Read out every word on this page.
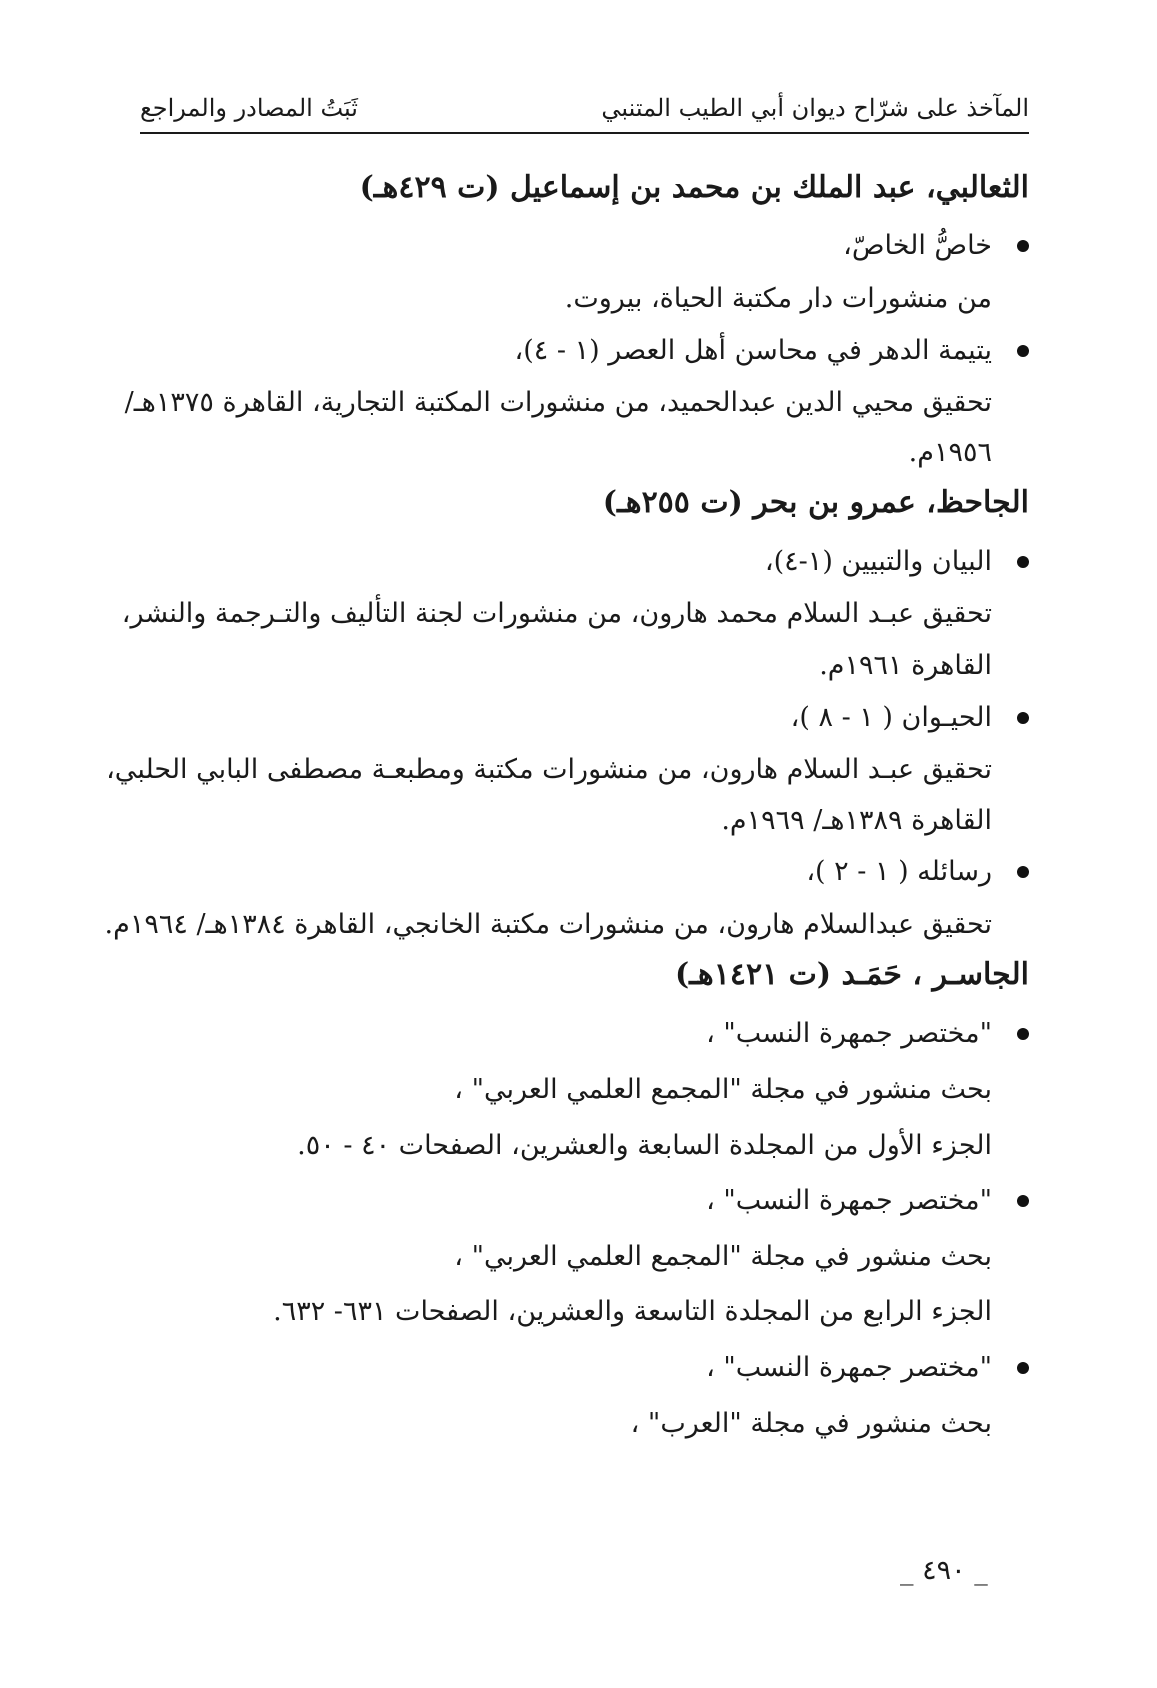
المآخذ على شرّاح ديوان أبي الطيب المتنبي
ثَبَتُ المصادر والمراجع
الثعالبي، عبد الملك بن محمد بن إسماعيل (ت ٤٢٩هـ)
خاصُّ الخاصّ،
من منشورات دار مكتبة الحياة، بيروت.
يتيمة الدهر في محاسن أهل العصر (١ - ٤)،
تحقيق محيي الدين عبدالحميد، من منشورات المكتبة التجارية، القاهرة ١٣٧٥هـ/
١٩٥٦م.
الجاحظ، عمرو بن بحر (ت ٢٥٥هـ)
البيان والتبيين (١-٤)،
تحقيق عبـد السلام محمد هارون، من منشورات لجنة التأليف والتـرجمة والنشر،
القاهرة ١٩٦١م.
الحيـوان ( ١ - ٨ )،
تحقيق عبـد السلام هارون، من منشورات مكتبة ومطبعـة مصطفى البابي الحلبي،
القاهرة ١٣٨٩هـ/ ١٩٦٩م.
رسائله ( ١ - ٢ )،
تحقيق عبدالسلام هارون، من منشورات مكتبة الخانجي، القاهرة ١٣٨٤هـ/ ١٩٦٤م.
الجاسـر ، حَمَـد (ت ١٤٢١هـ)
"مختصر جمهرة النسب" ،
بحث منشور في مجلة "المجمع العلمي العربي" ،
الجزء الأول من المجلدة السابعة والعشرين، الصفحات ٤٠ - ٥٠.
"مختصر جمهرة النسب" ،
بحث منشور في مجلة "المجمع العلمي العربي" ،
الجزء الرابع من المجلدة التاسعة والعشرين، الصفحات ٦٣١- ٦٣٢.
"مختصر جمهرة النسب" ،
بحث منشور في مجلة "العرب" ،
_ ٤٩٠ _
